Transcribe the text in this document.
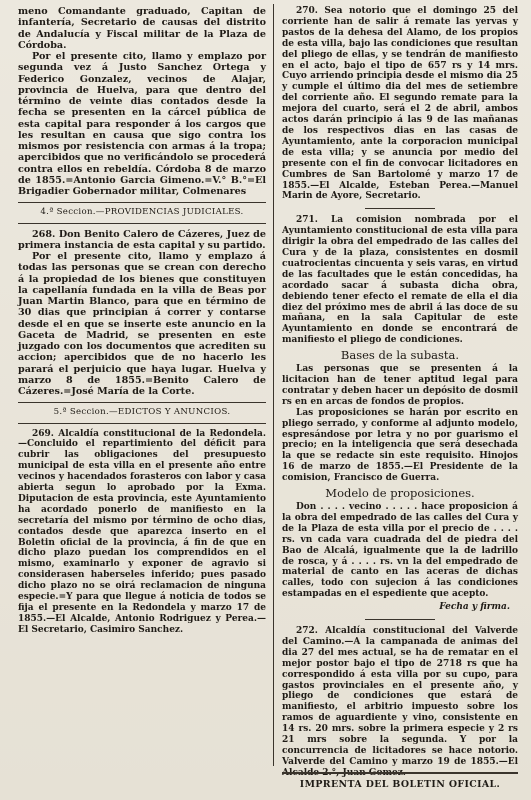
meno Comandante graduado, Capitan de infantería, Secretario de causas del distrito de Andalucía y Fiscal militar de la Plaza de Córdoba.

Por el presente cito, llamo y emplazo por segunda vez á Justo Sanchez Ortega y Federico Gonzalez, vecinos de Alajar, provincia de Huelva, para que dentro del término de veinte dias contados desde la fecha se presenten en la cárcel pública de esta capital para responder á los cargos que les resultan en causa que sigo contra los mismos por resistencia con armas á la tropa; apercibidos que no verificándolo se procederá contra ellos en rebeldía. Córdoba 8 de marzo de 1855.=Antonio Garcia Gimeno.=V.° B.°=El Brigadier Gobernador militar, Colmenares

4.ª Seccion.—PROVIDENCIAS JUDICIALES.

268. Don Benito Calero de Cázeres, Juez de primera instancia de esta capital y su partido.

Por el presente cito, llamo y emplazo á todas las personas que se crean con derecho á la propiedad de los bienes que constituyen la capellanía fundada en la villa de Beas por Juan Martin Blanco, para que en término de 30 dias que principian á correr y contarse desde el en que se inserte este anuncio en la Gaceta de Madrid, se presenten en este juzgado con los documentos que acrediten su accion; apercibidos que de no hacerlo les parará el perjuicio que haya lugar. Huelva y marzo 8 de 1855.=Benito Calero de Cázeres.=José María de la Corte.

5.ª Seccion.—EDICTOS Y ANUNCIOS.

269. Alcaldía constitucional de la Redondela.—Concluido el repartimiento del déficit para cubrir las obligaciones del presupuesto municipal de esta villa en el presente año entre vecinos y hacendados forasteros con labor y casa abierta segun lo aprobado por la Exma. Diputacion de esta provincia, este Ayuntamiento ha acordado ponerlo de manifiesto en la secretaría del mismo por término de ocho dias, contados desde que aparezca inserto en el Boletin oficial de la provincia, á fin de que en dicho plazo puedan los comprendidos en el mismo, examinarlo y exponer de agravio si considerasen haberseles inferido; pues pasado dicho plazo no se oirá reclamacion de ninguna especie.=Y para que llegue á noticia de todos se fija el presente en la Redondela y marzo 17 de 1855.—El Alcalde, Antonio Rodriguez y Perea.—El Secretario, Casimiro Sanchez.

270. Sea notorio que el domingo 25 del corriente han de salir á remate las yervas y pastos de la dehesa del Alamo, de los propios de esta villa, bajo las condiciones que resultan del pliego de ellas, y se tendrán de manifiesto en el acto, bajo el tipo de 657 rs y 14 mrs. Cuyo arriendo principia desde el mismo dia 25 y cumple el último dia del mes de setiembre del corriente año. El segundo remate para la mejora del cuarto, será el 2 de abril, ambos actos darán principio á las 9 de las mañanas de los respectivos dias en las casas de Ayuntamiento, ante la corporacion municipal de esta villa; y se anuncia por medio del presente con el fin de convocar licitadores en Cumbres de San Bartolomé y marzo 17 de 1855.—El Alcalde, Esteban Perea.—Manuel Marin de Ayore, Secretario.

271. La comision nombrada por el Ayuntamiento constitucional de esta villa para dirigir la obra del empedrado de las calles del Cura y de la plaza, consistentes en dosmil cuatrocientas cincuenta y seis varas, en virtud de las facultades que le están concedidas, ha acordado sacar á subasta dicha obra, debiendo tener efecto el remate de ella el dia diez del próximo mes de abril á las doce de su mañana, en la sala Capitular de este Ayuntamiento en donde se encontrará de manifiesto el pliego de condiciones.

Bases de la subasta.

Las personas que se presenten á la licitacion han de tener aptitud legal para contratar y deben hacer un depósito de dosmil rs en en arcas de fondos de propios.

Las proposiciones se harán por escrito en pliego serrado, y conforme al adjunto modelo, espresándose por letra y no por guarismo el precio; en la inteligencia que será desechada la que se redacte sin este requisito. Hinojos 16 de marzo de 1855.—El Presidente de la comision, Francisco de Guerra.

Modelo de proposiciones.

Don . . . . vecino . . . . . hace proposicion á la obra del empedrado de las calles del Cura y de la Plaza de esta villa por el precio de . . . . rs. vn cada vara cuadrada del de piedra del Bao de Alcalá, igualmente que la de ladrillo de rosca, y á . . . . rs. vn la del empedrado de material de canto en las aceras de dichas calles, todo con sujecion á las condiciones estampadas en el espediente que acepto.

Fecha y firma.

272. Alcaldía constitucional del Valverde del Camino.—A la campanada de animas del dia 27 del mes actual, se ha de rematar en el mejor postor bajo el tipo de 2718 rs que ha correspondido á esta villa por su cupo, para gastos provinciales en el presente año, y pliego de condiciones que estará de manifiesto, el arbitrio impuesto sobre los ramos de aguardiente y vino, consistente en 14 rs. 20 mrs. sobre la primera especie y 2 rs 21 mrs sobre la segunda. Y por la concurrencia de licitadores se hace notorio. Valverde del Camino y marzo 19 de 1855.—El Alcalde 2.°, Juan Gomez.

IMPRENTA DEL BOLETIN OFICIAL.
